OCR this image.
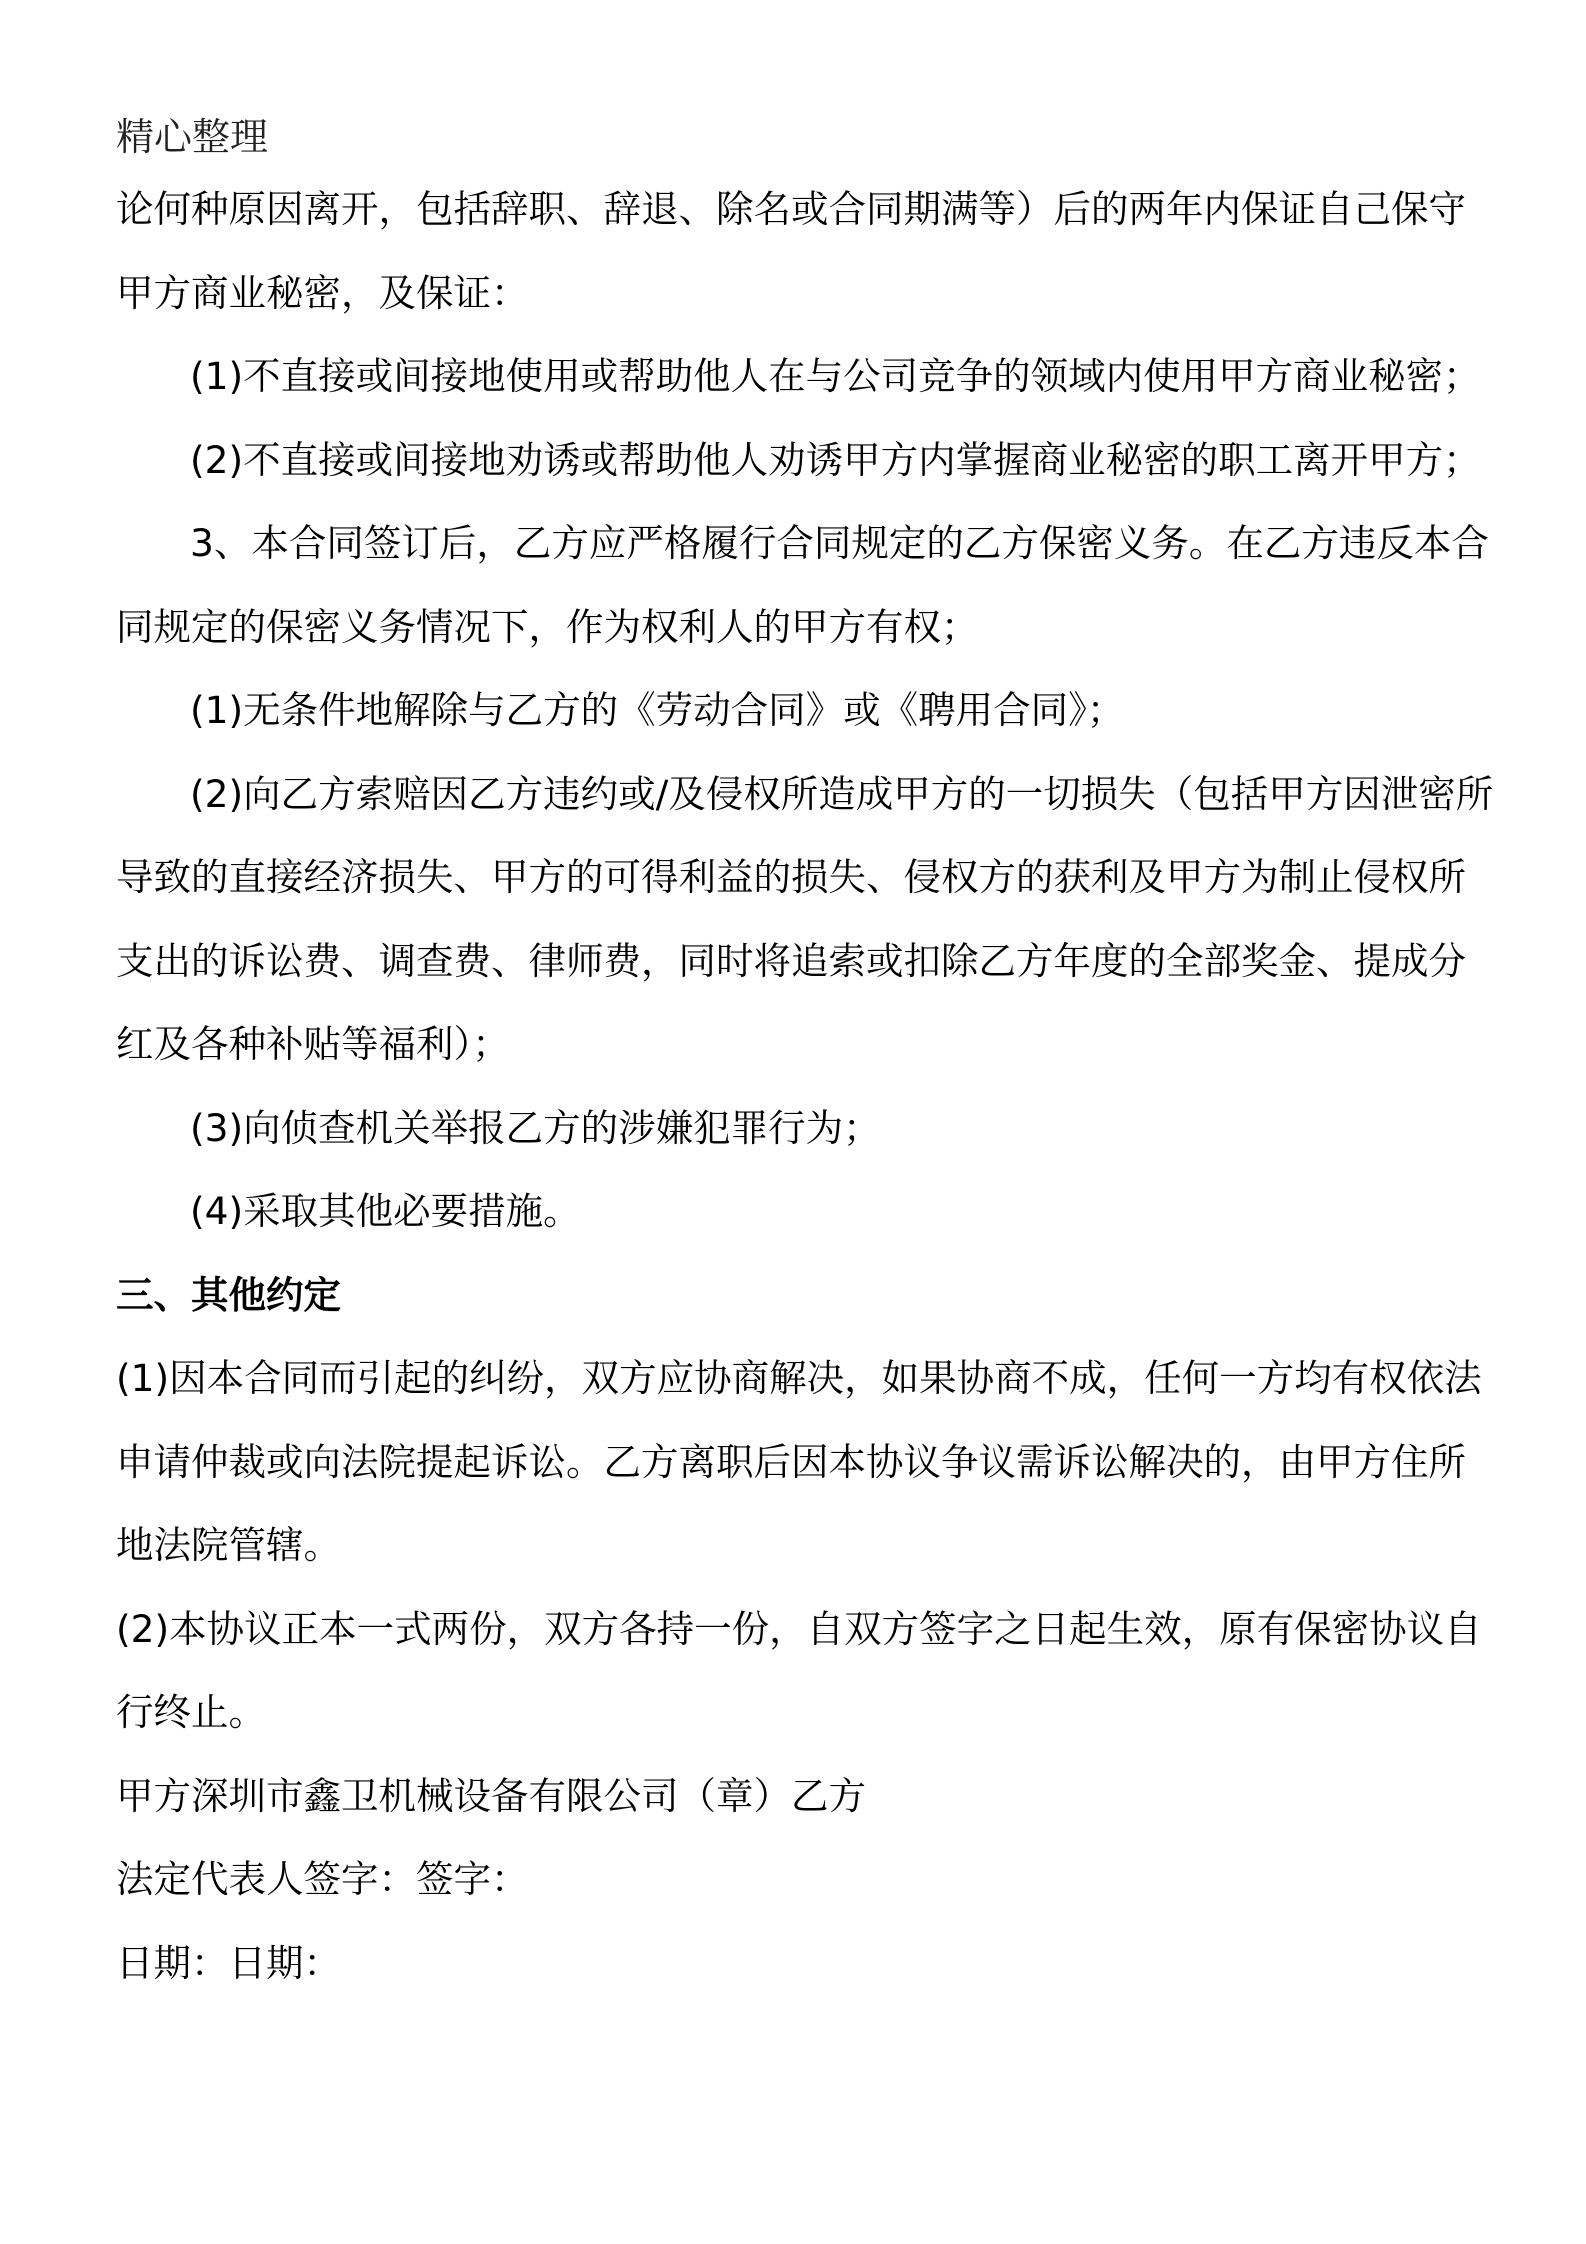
精心整理
论何种原因离开，包括辞职、辞退、除名或合同期满等）后的两年内保证自己保守
甲方商业秘密，及保证：
(1)不直接或间接地使用或帮助他人在与公司竞争的领域内使用甲方商业秘密；
(2)不直接或间接地劝诱或帮助他人劝诱甲方内掌握商业秘密的职工离开甲方；
3、本合同签订后，乙方应严格履行合同规定的乙方保密义务。在乙方违反本合
同规定的保密义务情况下，作为权利人的甲方有权；
(1)无条件地解除与乙方的《劳动合同》或《聘用合同》；
(2)向乙方索赔因乙方违约或/及侵权所造成甲方的一切损失（包括甲方因泄密所
导致的直接经济损失、甲方的可得利益的损失、侵权方的获利及甲方为制止侵权所
支出的诉讼费、调查费、律师费，同时将追索或扣除乙方年度的全部奖金、提成分
红及各种补贴等福利）；
(3)向侦查机关举报乙方的涉嫌犯罪行为；
(4)采取其他必要措施。
三、其他约定
(1)因本合同而引起的纠纷，双方应协商解决，如果协商不成，任何一方均有权依法
申请仲裁或向法院提起诉讼。乙方离职后因本协议争议需诉讼解决的，由甲方住所
地法院管辖。
(2)本协议正本一式两份，双方各持一份，自双方签字之日起生效，原有保密协议自
行终止。
甲方深圳市鑫卫机械设备有限公司（章）乙方
法定代表人签字：签字：
日期：日期：
